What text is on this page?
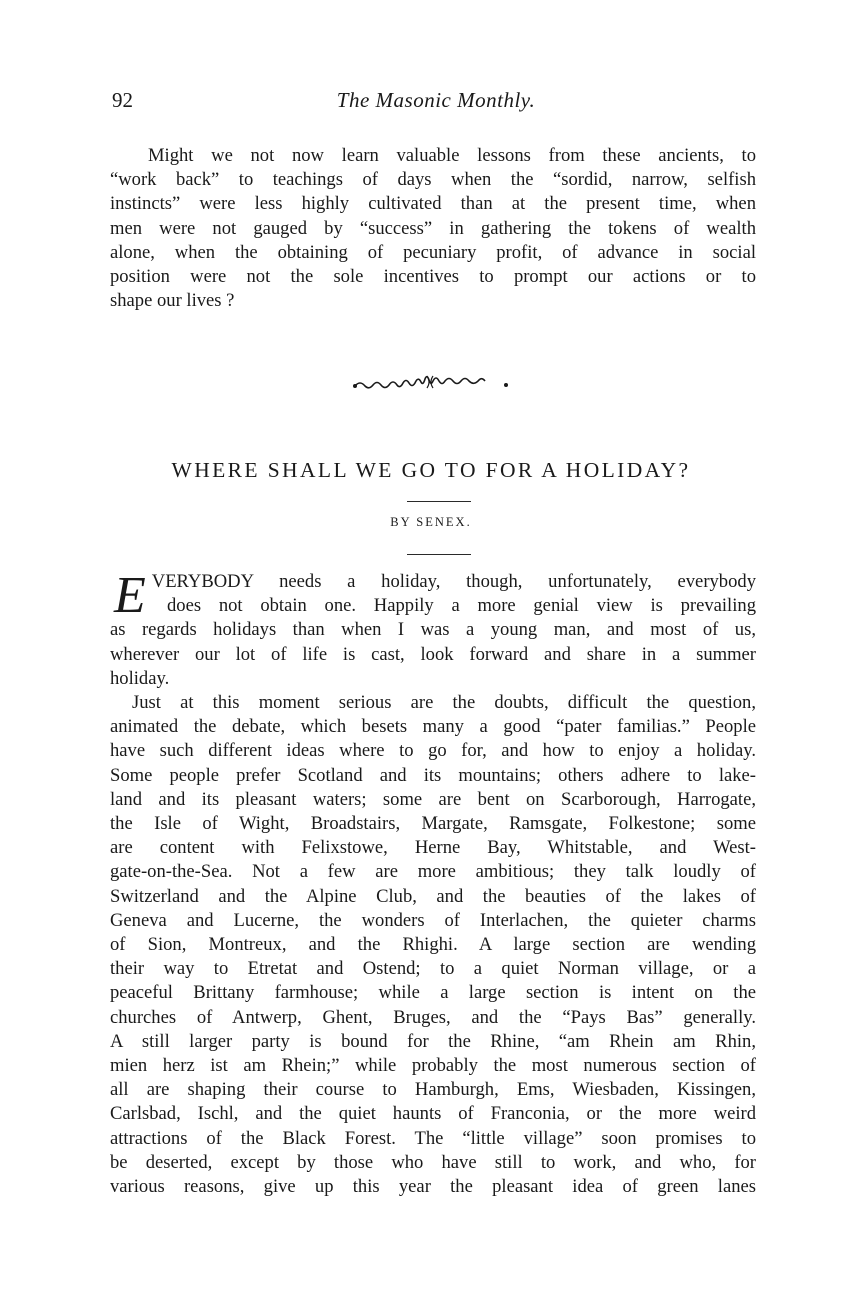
92	The Masonic Monthly.
Might we not now learn valuable lessons from these ancients, to
“work back” to teachings of days when the “sordid, narrow, selfish
instincts” were less highly cultivated than at the present time, when
men were not gauged by “success” in gathering the tokens of wealth
alone, when the obtaining of pecuniary profit, of advance in social
position were not the sole incentives to prompt our actions or to
shape our lives ?
WHERE SHALL WE GO TO FOR A HOLIDAY?
BY SENEX.
E VERYBODY needs a holiday, though, unfortunately, everybody
does not obtain one. Happily a more genial view is prevailing
as regards holidays than when I was a young man, and most of us,
wherever our lot of life is cast, look forward and share in a summer
holiday.
Just at this moment serious are the doubts, difficult the question,
animated the debate, which besets many a good “pater familias.” People
have such different ideas where to go for, and how to enjoy a holiday.
Some people prefer Scotland and its mountains; others adhere to lake-
land and its pleasant waters; some are bent on Scarborough, Harrogate,
the Isle of Wight, Broadstairs, Margate, Ramsgate, Folkestone; some
are content with Felixstowe, Herne Bay, Whitstable, and West-
gate-on-the-Sea. Not a few are more ambitious; they talk loudly of
Switzerland and the Alpine Club, and the beauties of the lakes of
Geneva and Lucerne, the wonders of Interlachen, the quieter charms
of Sion, Montreux, and the Rhighi. A large section are wending
their way to Etretat and Ostend; to a quiet Norman village, or a
peaceful Brittany farmhouse; while a large section is intent on the
churches of Antwerp, Ghent, Bruges, and the “Pays Bas” generally.
A still larger party is bound for the Rhine, “am Rhein am Rhin,
mien herz ist am Rhein;” while probably the most numerous section of
all are shaping their course to Hamburgh, Ems, Wiesbaden, Kissingen,
Carlsbad, Ischl, and the quiet haunts of Franconia, or the more weird
attractions of the Black Forest. The “little village” soon promises to
be deserted, except by those who have still to work, and who, for
various reasons, give up this year the pleasant idea of green lanes
